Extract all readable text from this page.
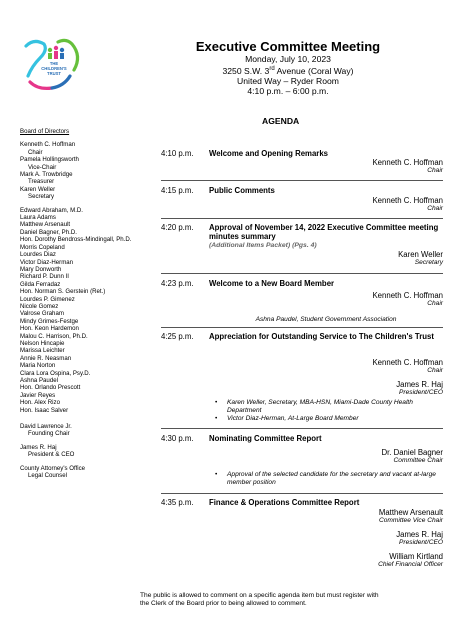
THE
CHILDREN'S
TRUST
Executive Committee Meeting
Monday, July 10, 2023
3250 S.W. 3rd Avenue (Coral Way)
United Way – Ryder Room
4:10 p.m. – 6:00 p.m.
AGENDA
Board of Directors
Kenneth C. Hoffman
Chair
Pamela Hollingsworth
Vice-Chair
Mark A. Trowbridge
Treasurer
Karen Weller
Secretary
Edward Abraham, M.D.
Laura Adams
Matthew Arsenault
Daniel Bagner, Ph.D.
Hon. Dorothy Bendross-Mindingall, Ph.D.
Morris Copeland
Lourdes Diaz
Victor Diaz-Herman
Mary Donworth
Richard P. Dunn II
Gilda Ferradaz
Hon. Norman S. Gerstein (Ret.)
Lourdes P. Gimenez
Nicole Gomez
Valrose Graham
Mindy Grimes-Festge
Hon. Keon Hardemon
Malou C. Harrison, Ph.D.
Nelson Hincapie
Marissa Leichter
Annie R. Neasman
Maria Norton
Clara Lora Ospina, Psy.D.
Ashna Paudel
Hon. Orlando Prescott
Javier Reyes
Hon. Alex Rizo
Hon. Isaac Salver
David Lawrence Jr.
Founding Chair
James R. Haj
President & CEO
County Attorney's Office
Legal Counsel
4:10 p.m.	Welcome and Opening Remarks
Kenneth C. Hoffman
Chair
4:15 p.m.	Public Comments
Kenneth C. Hoffman
Chair
4:20 p.m.	Approval of November 14, 2022 Executive Committee meeting minutes summary
(Additional Items Packet) (Pgs. 4)
Karen Weller
Secretary
4:23 p.m.	Welcome to a New Board Member
Kenneth C. Hoffman
Chair
Ashna Paudel, Student Government Association
4:25 p.m.	Appreciation for Outstanding Service to The Children's Trust
Kenneth C. Hoffman
Chair
James R. Haj
President/CEO
• Karen Weller, Secretary, MBA-HSN, Miami-Dade County Health Department
• Victor Diaz-Herman, At-Large Board Member
4:30 p.m.	Nominating Committee Report
Dr. Daniel Bagner
Committee Chair
• Approval of the selected candidate for the secretary and vacant at-large member position
4:35 p.m.	Finance & Operations Committee Report
Matthew Arsenault
Committee Vice Chair
James R. Haj
President/CEO
William Kirtland
Chief Financial Officer
The public is allowed to comment on a specific agenda item but must register with
the Clerk of the Board prior to being allowed to comment.
